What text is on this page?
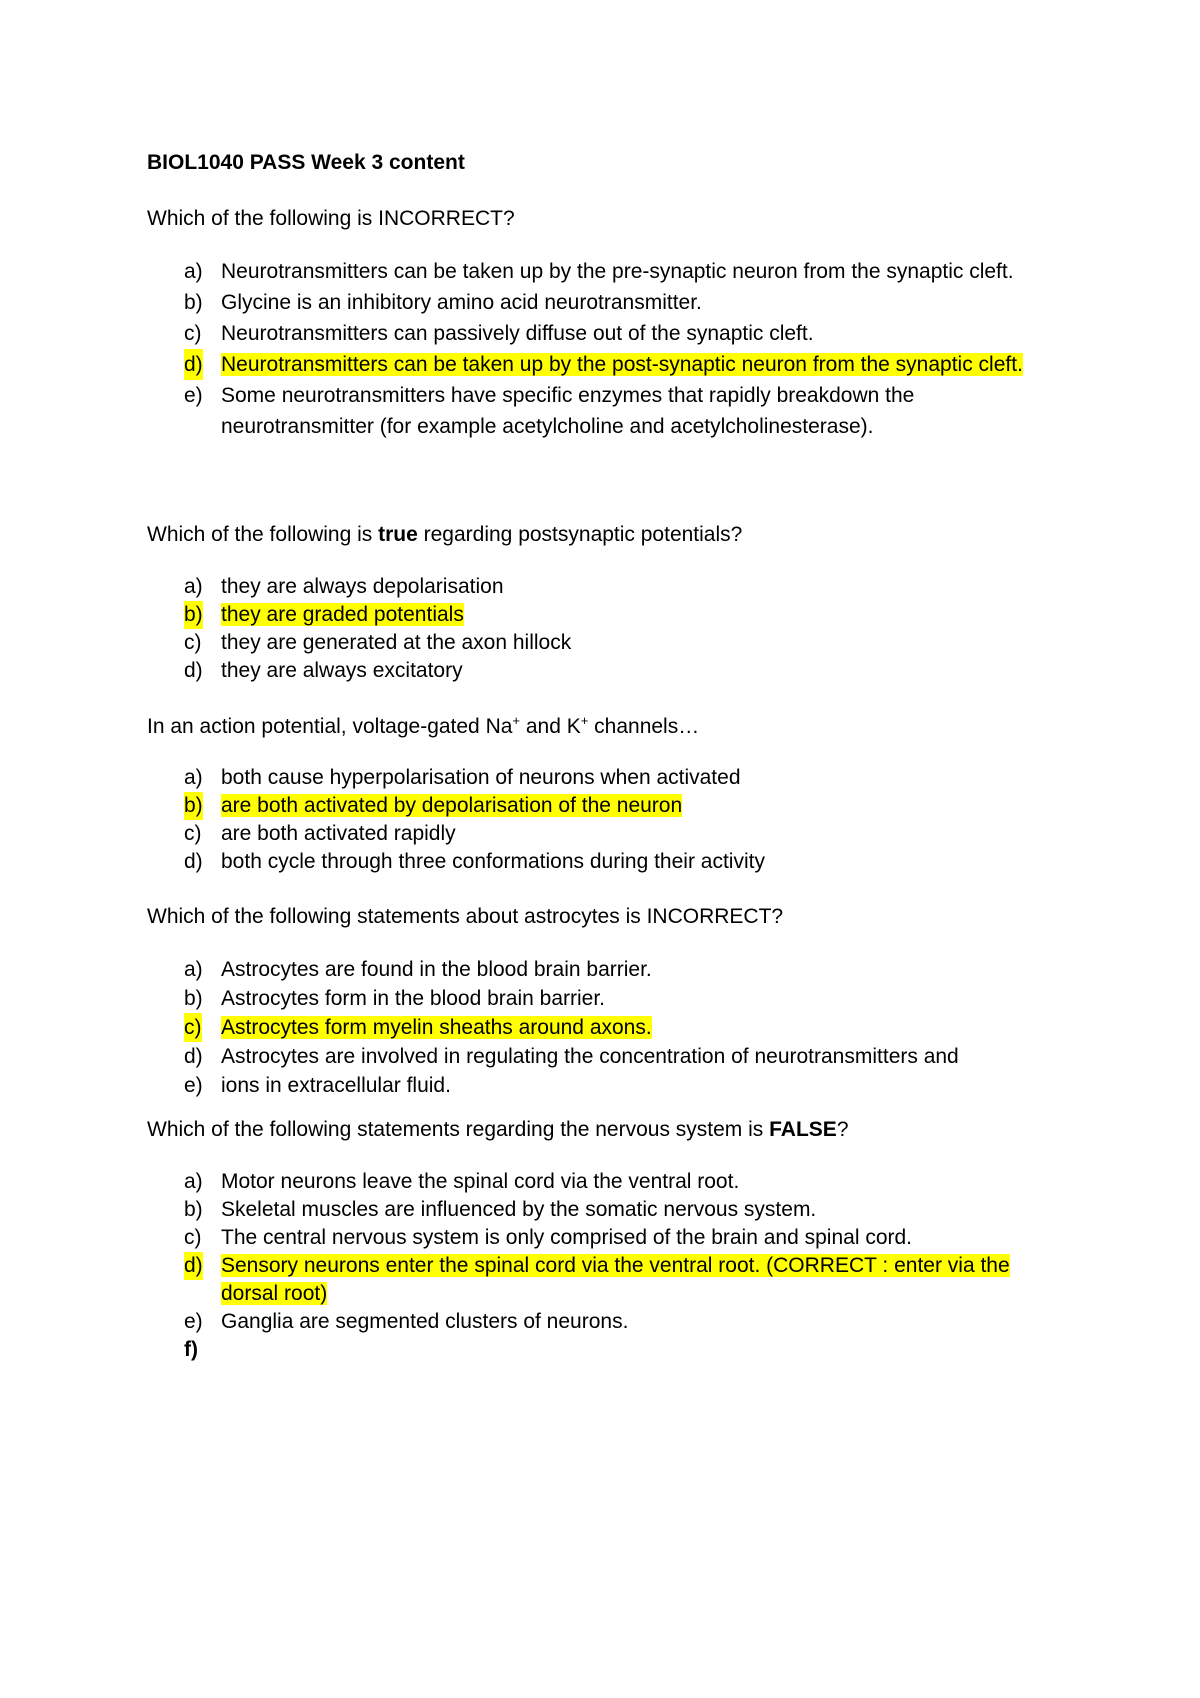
BIOL1040 PASS Week 3 content
Which of the following is INCORRECT?
a) Neurotransmitters can be taken up by the pre-synaptic neuron from the synaptic cleft.
b) Glycine is an inhibitory amino acid neurotransmitter.
c) Neurotransmitters can passively diffuse out of the synaptic cleft.
d) Neurotransmitters can be taken up by the post-synaptic neuron from the synaptic cleft.
e) Some neurotransmitters have specific enzymes that rapidly breakdown the neurotransmitter (for example acetylcholine and acetylcholinesterase).
Which of the following is true regarding postsynaptic potentials?
a) they are always depolarisation
b) they are graded potentials
c) they are generated at the axon hillock
d) they are always excitatory
In an action potential, voltage-gated Na+ and K+ channels…
a) both cause hyperpolarisation of neurons when activated
b) are both activated by depolarisation of the neuron
c) are both activated rapidly
d) both cycle through three conformations during their activity
Which of the following statements about astrocytes is INCORRECT?
a) Astrocytes are found in the blood brain barrier.
b) Astrocytes form in the blood brain barrier.
c) Astrocytes form myelin sheaths around axons.
d) Astrocytes are involved in regulating the concentration of neurotransmitters and
e) ions in extracellular fluid.
Which of the following statements regarding the nervous system is FALSE?
a) Motor neurons leave the spinal cord via the ventral root.
b) Skeletal muscles are influenced by the somatic nervous system.
c) The central nervous system is only comprised of the brain and spinal cord.
d) Sensory neurons enter the spinal cord via the ventral root. (CORRECT : enter via the dorsal root)
e) Ganglia are segmented clusters of neurons.
f)
